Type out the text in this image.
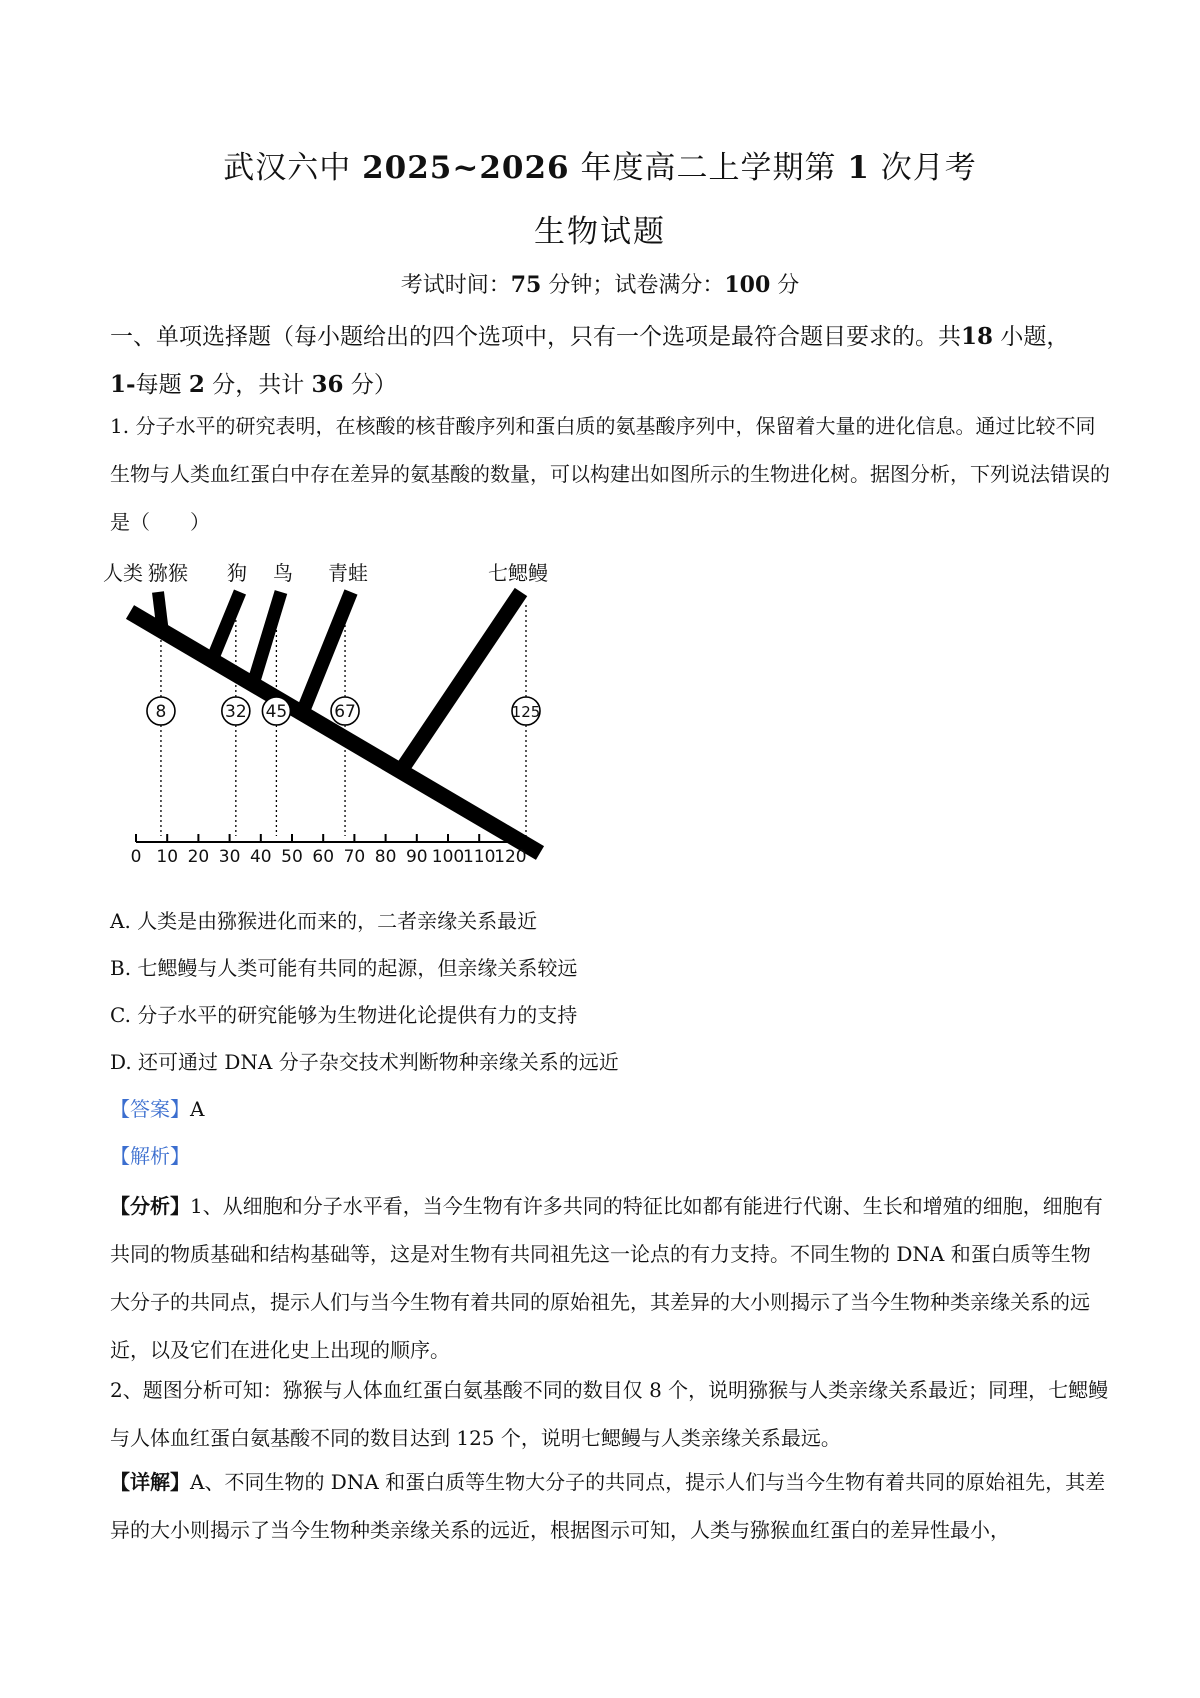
武汉六中 2025~2026 年度高二上学期第 1 次月考
生物试题
考试时间：75 分钟；试卷满分：100 分
一、单项选择题（每小题给出的四个选项中，只有一个选项是最符合题目要求的。共18 小题，
1-每题 2 分，共计 36 分）
1. 分子水平的研究表明，在核酸的核苷酸序列和蛋白质的氨基酸序列中，保留着大量的进化信息。通过比较不同生物与人类血红蛋白中存在差异的氨基酸的数量，可以构建出如图所示的生物进化树。据图分析，下列说法错误的是（　　）
人类 猕猴 狗 鸟 青蛙	七鳃鳗
8	32 45	67	125
0 10 20 30 40 50 60 70 80 90 100
110
120
A. 人类是由猕猴进化而来的，二者亲缘关系最近
B. 七鳃鳗与人类可能有共同的起源，但亲缘关系较远
C. 分子水平的研究能够为生物进化论提供有力的支持
D. 还可通过 DNA 分子杂交技术判断物种亲缘关系的远近
【答案】A
【解析】
【分析】1、从细胞和分子水平看，当今生物有许多共同的特征比如都有能进行代谢、生长和增殖的细胞，细胞有共同的物质基础和结构基础等，这是对生物有共同祖先这一论点的有力支持。不同生物的 DNA 和蛋白质等生物大分子的共同点，提示人们与当今生物有着共同的原始祖先，其差异的大小则揭示了当今生物种类亲缘关系的远近，以及它们在进化史上出现的顺序。
2、题图分析可知：猕猴与人体血红蛋白氨基酸不同的数目仅 8 个，说明猕猴与人类亲缘关系最近；同理，七鳃鳗与人体血红蛋白氨基酸不同的数目达到 125 个，说明七鳃鳗与人类亲缘关系最远。
【详解】A、不同生物的 DNA 和蛋白质等生物大分子的共同点，提示人们与当今生物有着共同的原始祖先，其差异的大小则揭示了当今生物种类亲缘关系的远近，根据图示可知，人类与猕猴血红蛋白的差异性最小，
